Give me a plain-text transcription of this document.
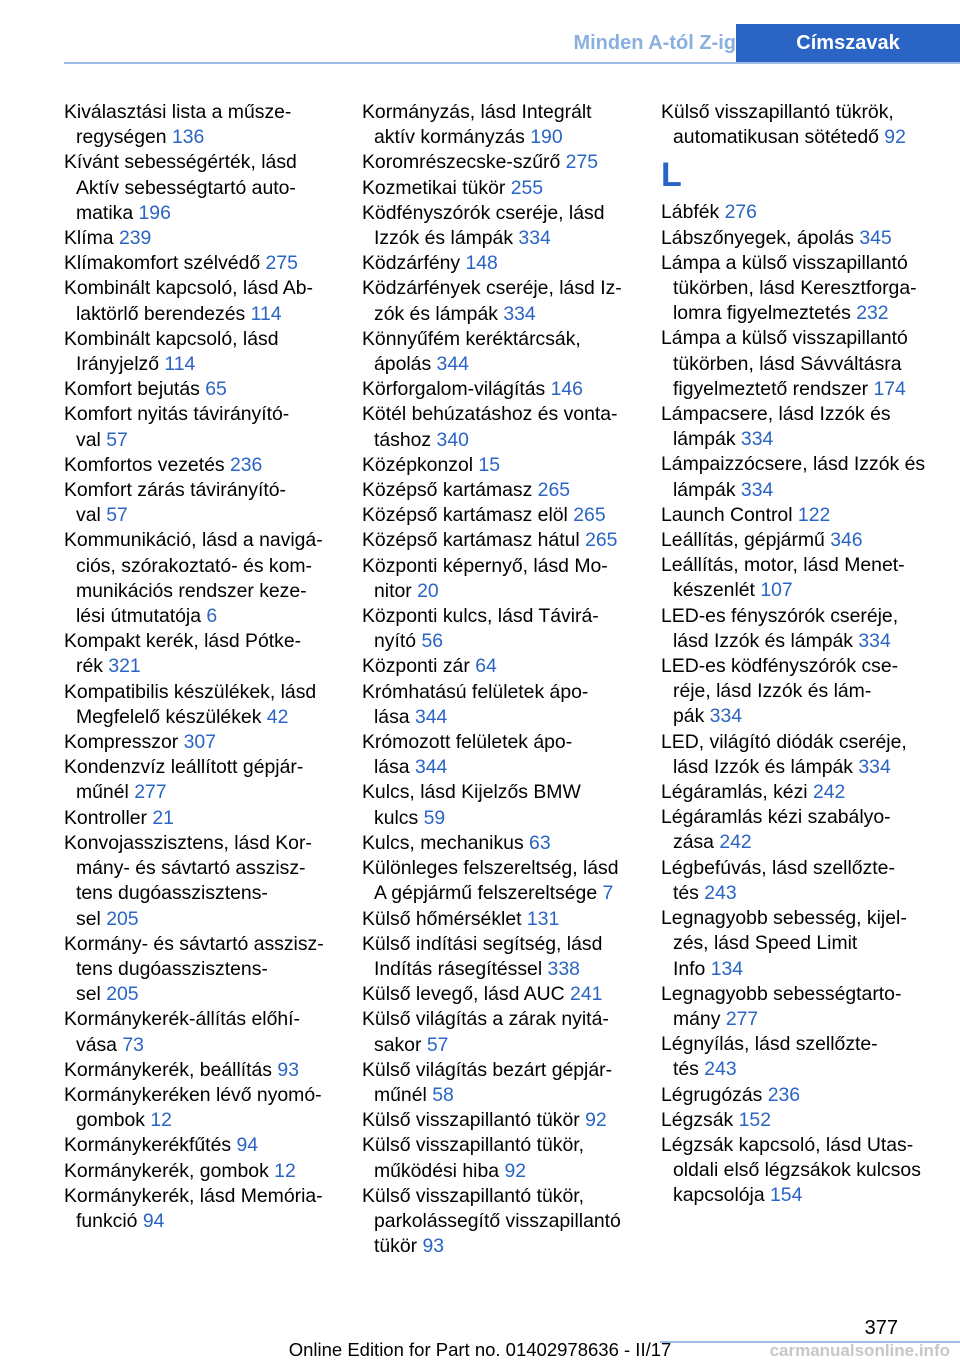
Minden A-tól Z-ig	Címszavak
Kiválasztási lista a műsze-
regységen 136
Kívánt sebességérték, lásd
Aktív sebességtartó auto-
matika 196
Klíma 239
Klímakomfort szélvédő 275
Kombinált kapcsoló, lásd Ab-
laktörlő berendezés 114
Kombinált kapcsoló, lásd
Irányjelző 114
Komfort bejutás 65
Komfort nyitás távirányító-
val 57
Komfortos vezetés 236
Komfort zárás távirányító-
val 57
Kommunikáció, lásd a navigá-
ciós, szórakoztató- és kom-
munikációs rendszer keze-
lési útmutatója 6
Kompakt kerék, lásd Pótke-
rék 321
Kompatibilis készülékek, lásd
Megfelelő készülékek 42
Kompresszor 307
Kondenzvíz leállított gépjár-
műnél 277
Kontroller 21
Konvojasszisztens, lásd Kor-
mány- és sávtartó asszisz-
tens dugóasszisztens-
sel 205
Kormány- és sávtartó asszisz-
tens dugóasszisztens-
sel 205
Kormánykerék-állítás előhí-
vása 73
Kormánykerék, beállítás 93
Kormánykeréken lévő nyomó-
gombok 12
Kormánykerékfűtés 94
Kormánykerék, gombok 12
Kormánykerék, lásd Memória-
funkció 94
Kormányzás, lásd Integrált
aktív kormányzás 190
Koromrészecske-szűrő 275
Kozmetikai tükör 255
Ködfényszórók cseréje, lásd
Izzók és lámpák 334
Ködzárfény 148
Ködzárfények cseréje, lásd Iz-
zók és lámpák 334
Könnyűfém keréktárcsák,
ápolás 344
Körforgalom-világítás 146
Kötél behúzatáshoz és vonta-
táshoz 340
Középkonzol 15
Középső kartámasz 265
Középső kartámasz elöl 265
Középső kartámasz hátul 265
Központi képernyő, lásd Mo-
nitor 20
Központi kulcs, lásd Távirá-
nyító 56
Központi zár 64
Krómhatású felületek ápo-
lása 344
Krómozott felületek ápo-
lása 344
Kulcs, lásd Kijelzős BMW
kulcs 59
Kulcs, mechanikus 63
Különleges felszereltség, lásd
A gépjármű felszereltsége 7
Külső hőmérséklet 131
Külső indítási segítség, lásd
Indítás rásegítéssel 338
Külső levegő, lásd AUC 241
Külső világítás a zárak nyitá-
sakor 57
Külső világítás bezárt gépjár-
műnél 58
Külső visszapillantó tükör 92
Külső visszapillantó tükör,
működési hiba 92
Külső visszapillantó tükör,
parkolássegítő visszapillantó
tükör 93
Külső visszapillantó tükrök,
automatikusan sötétedő 92
L
Lábfék 276
Lábszőnyegek, ápolás 345
Lámpa a külső visszapillantó
tükörben, lásd Keresztforga-
lomra figyelmeztetés 232
Lámpa a külső visszapillantó
tükörben, lásd Sávváltásra
figyelmeztető rendszer 174
Lámpacsere, lásd Izzók és
lámpák 334
Lámpaizzócsere, lásd Izzók és
lámpák 334
Launch Control 122
Leállítás, gépjármű 346
Leállítás, motor, lásd Menet-
készenlét 107
LED-es fényszórók cseréje,
lásd Izzók és lámpák 334
LED-es ködfényszórók cse-
réje, lásd Izzók és lám-
pák 334
LED, világító diódák cseréje,
lásd Izzók és lámpák 334
Légáramlás, kézi 242
Légáramlás kézi szabályo-
zása 242
Légbefúvás, lásd szellőzte-
tés 243
Legnagyobb sebesség, kijel-
zés, lásd Speed Limit
Info 134
Legnagyobb sebességtarto-
mány 277
Légnyílás, lásd szellőzte-
tés 243
Légrugózás 236
Légzsák 152
Légzsák kapcsoló, lásd Utas-
oldali első légzsákok kulcsos
kapcsolója 154
377
Online Edition for Part no. 01402978636 - II/17	carmanualsonline.info
